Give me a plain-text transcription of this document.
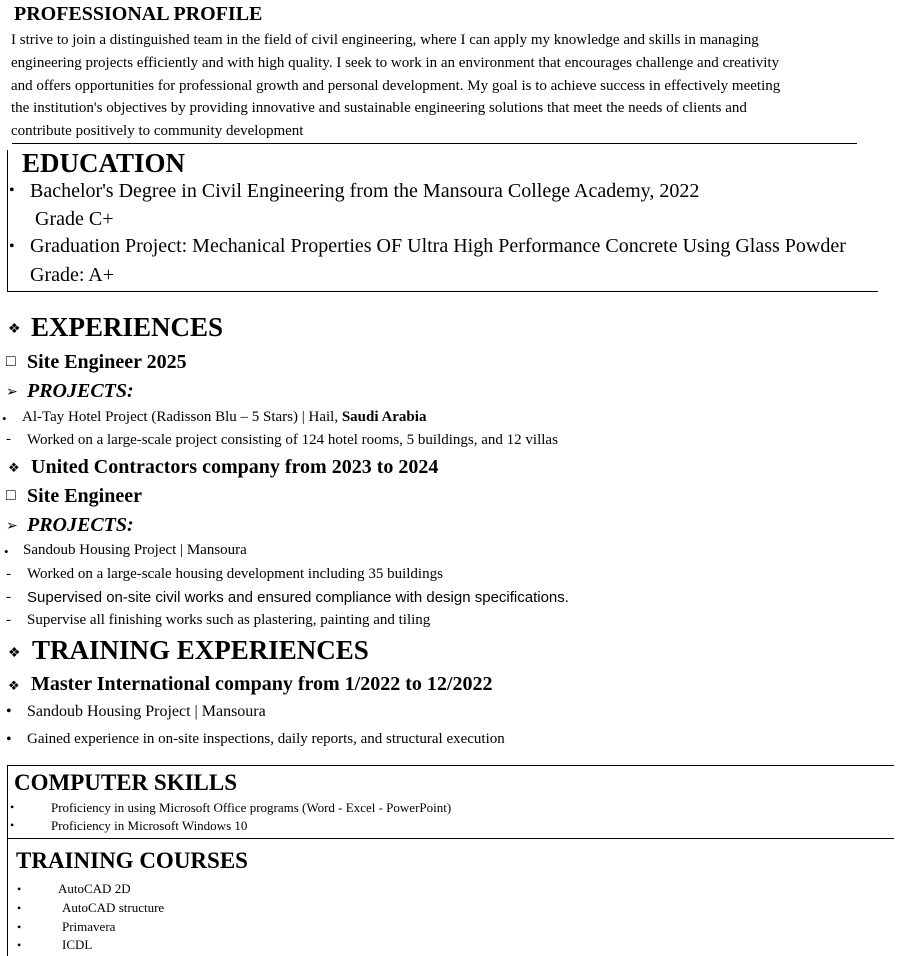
PROFESSIONAL PROFILE
I strive to join a distinguished team in the field of civil engineering, where I can apply my knowledge and skills in managing
engineering projects efficiently and with high quality. I seek to work in an environment that encourages challenge and creativity
and offers opportunities for professional growth and personal development. My goal is to achieve success in effectively meeting
the institution's objectives by providing innovative and sustainable engineering solutions that meet the needs of clients and
contribute positively to community development
EDUCATION
• Bachelor's Degree in Civil Engineering from the Mansoura College Academy, 2022
Grade C+
• Graduation Project: Mechanical Properties OF Ultra High Performance Concrete Using Glass Powder
Grade: A+
❖ EXPERIENCES
□ Site Engineer 2025
➢ PROJECTS:
• Al-Tay Hotel Project (Radisson Blu – 5 Stars) | Hail, Saudi Arabia
- Worked on a large-scale project consisting of 124 hotel rooms, 5 buildings, and 12 villas
❖ United Contractors company from 2023 to 2024
□ Site Engineer
➢ PROJECTS:
• Sandoub Housing Project | Mansoura
- Worked on a large-scale housing development including 35 buildings
- Supervised on-site civil works and ensured compliance with design specifications.
- Supervise all finishing works such as plastering, painting and tiling
❖ TRAINING EXPERIENCES
❖ Master International company from 1/2022 to 12/2022
• Sandoub Housing Project | Mansoura
• Gained experience in on-site inspections, daily reports, and structural execution
COMPUTER SKILLS
•	Proficiency in using Microsoft Office programs (Word - Excel - PowerPoint)
•	Proficiency in Microsoft Windows 10
TRAINING COURSES
•	AutoCAD 2D
•	AutoCAD structure
•	Primavera
•	ICDL
